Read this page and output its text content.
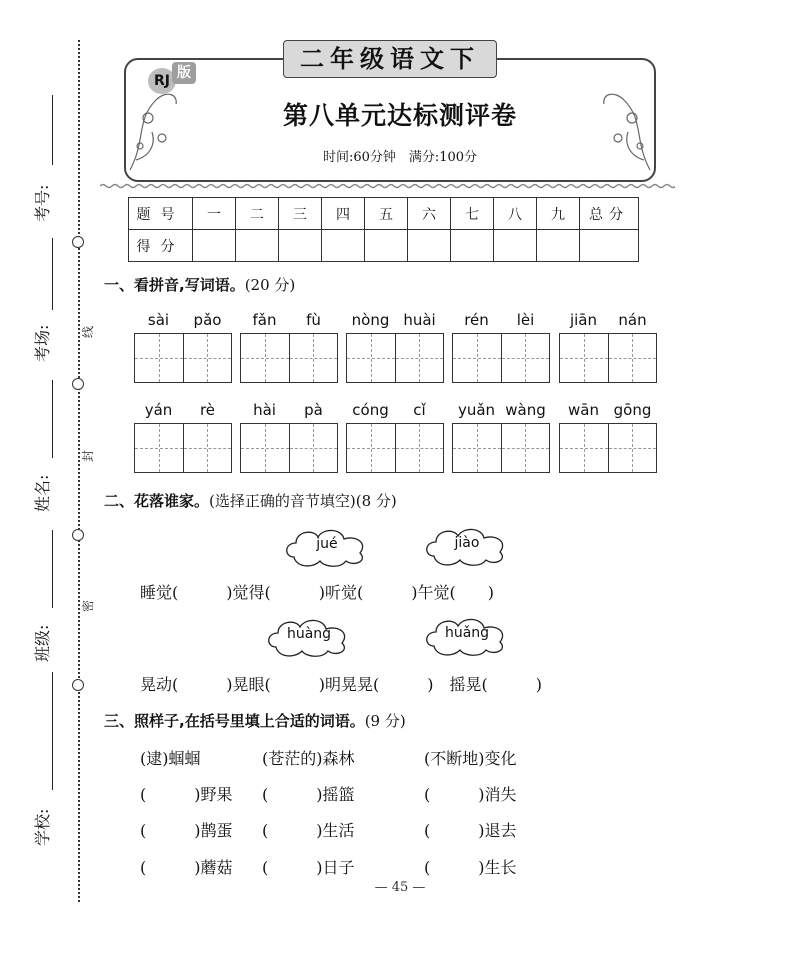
线
封
密
考号:
考场:
姓名:
班级:
学校:
二年级语文下
RJ 版
第八单元达标测评卷
时间:60分钟　满分:100分
题号	一	二	三	四	五	六	七	八	九	总分
得分										
一、看拼音,写词语。(20 分)
sài	pǎo	fǎn	fù	nòng huài	rén	lèi	jiān	nán
yán	rè	hài	pà	cóng	cǐ	yuǎn wàng	wān gōng
二、花落谁家。(选择正确的音节填空)(8 分)
jué	jiào
睡觉(　　　)觉得(　　　)听觉(　　　)午觉(　　)
huàng	huǎng
晃动(　　　)晃眼(　　　)明晃晃(　　　)　摇晃(　　　)
三、照样子,在括号里填上合适的词语。(9 分)
(逮)蝈蝈	(苍茫的)森林	(不断地)变化
(　　　)野果 (　　　)摇篮	(　　　)消失
(　　　)鹊蛋 (　　　)生活	(　　　)退去
(　　　)蘑菇 (　　　)日子	(　　　)生长
— 45 —
